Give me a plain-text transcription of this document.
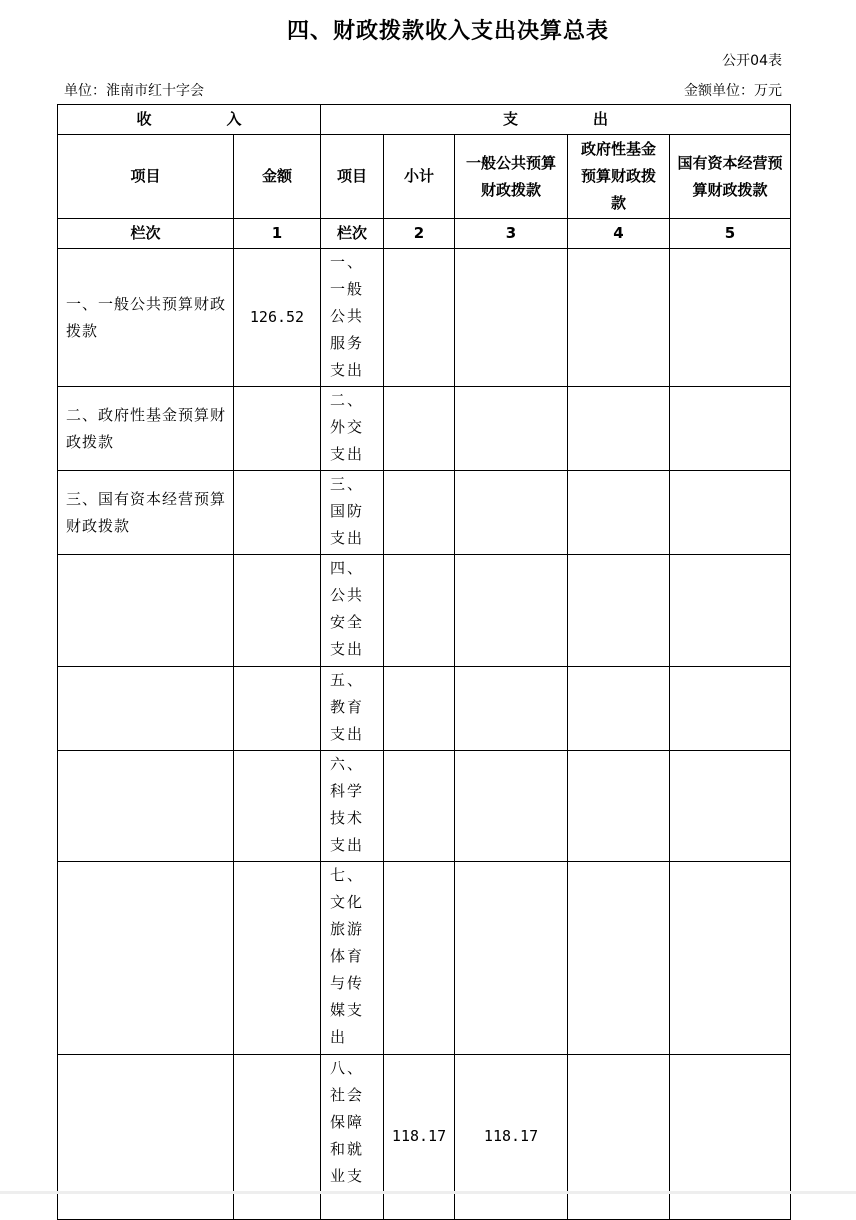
四、财政拨款收入支出决算总表
公开04表
单位：淮南市红十字会	金额单位：万元
收　　　　　入		支　　　　　出				
项目	金额	项目	小计	一般公共预算财政拨款	政府性基金预算财政拨款	国有资本经营预算财政拨款
栏次	1	栏次	2	3	4	5
一、一般公共预算财政拨款	126.52	一、一般公共服务支出				
二、政府性基金预算财政拨款		二、外交支出				
三、国有资本经营预算财政拨款		三、国防支出				
		四、公共安全支出				
		五、教育支出				
		六、科学技术支出				
		七、文化旅游体育与传媒支出				
		八、社会保障和就业支	118.17	118.17		
